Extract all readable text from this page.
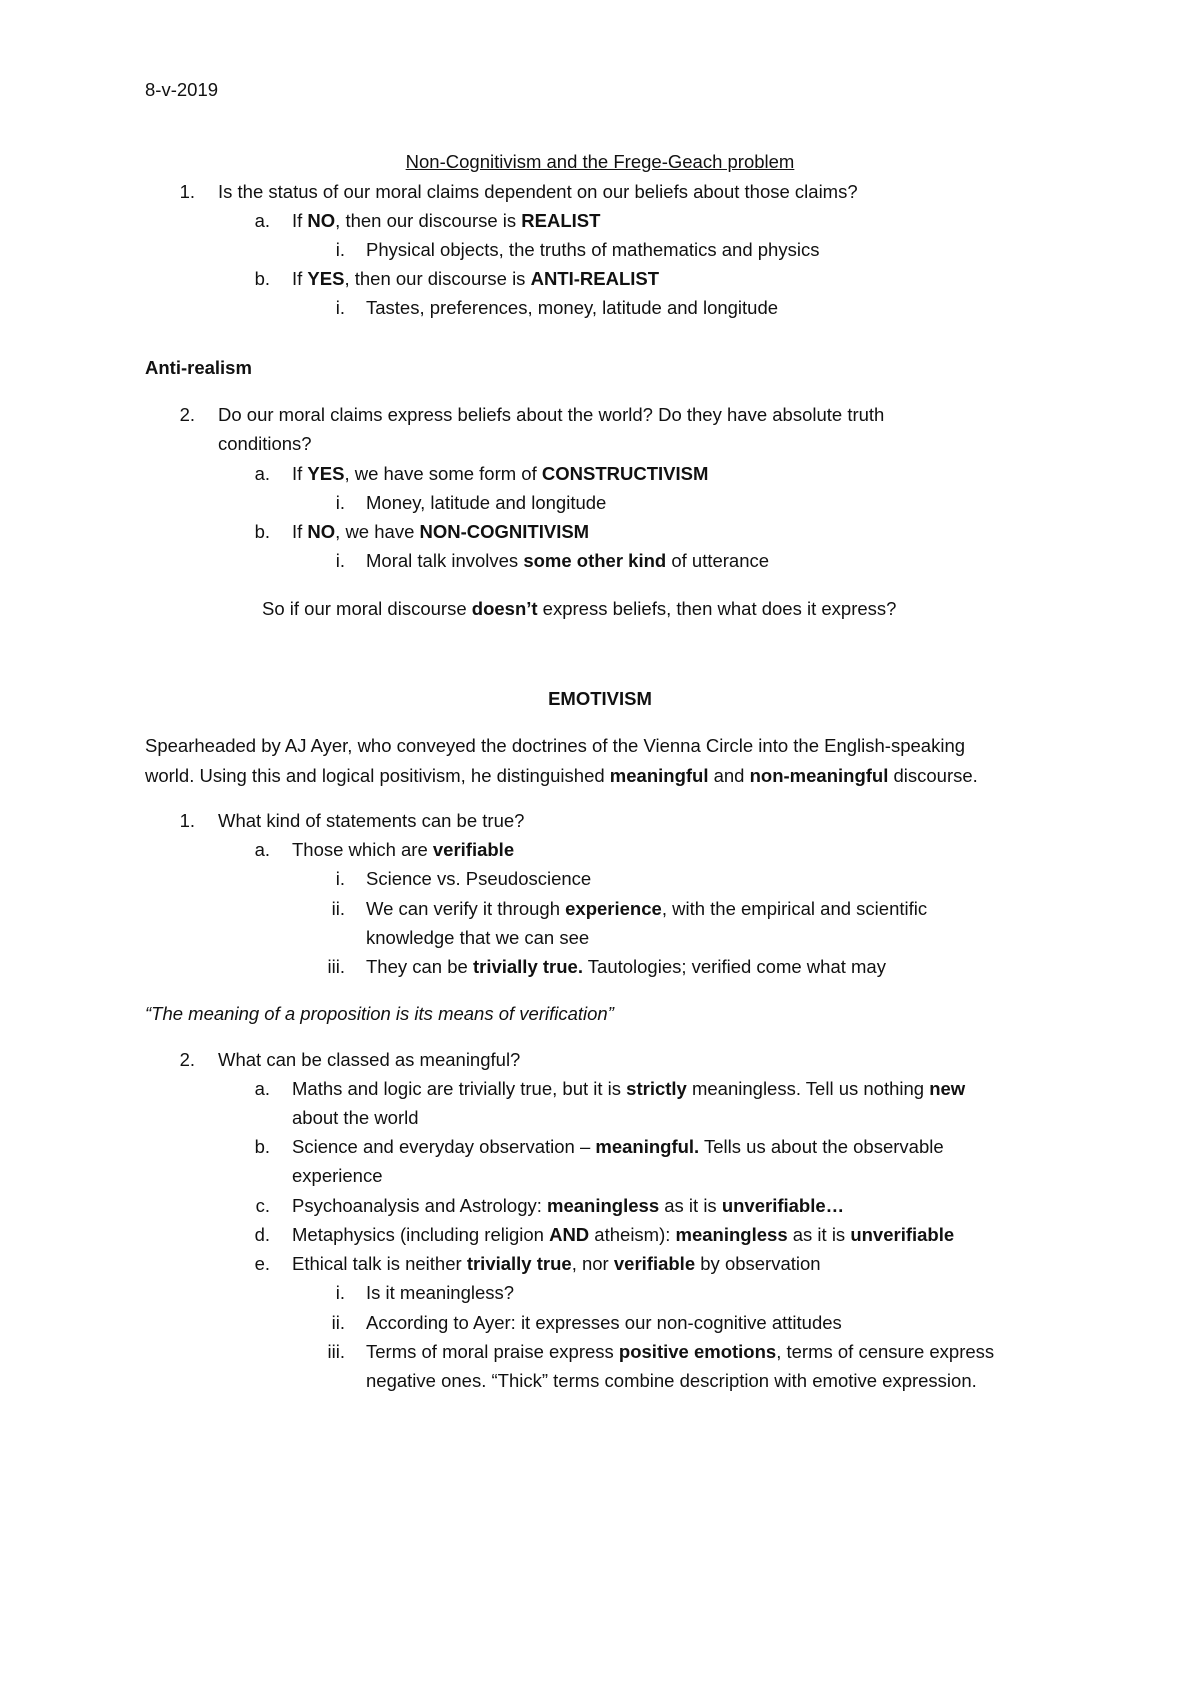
8-v-2019
Non-Cognitivism and the Frege-Geach problem
1. Is the status of our moral claims dependent on our beliefs about those claims?
a. If NO, then our discourse is REALIST
i. Physical objects, the truths of mathematics and physics
b. If YES, then our discourse is ANTI-REALIST
i. Tastes, preferences, money, latitude and longitude
Anti-realism
2. Do our moral claims express beliefs about the world? Do they have absolute truth
conditions?
a. If YES, we have some form of CONSTRUCTIVISM
i. Money, latitude and longitude
b. If NO, we have NON-COGNITIVISM
i. Moral talk involves some other kind of utterance
So if our moral discourse doesn’t express beliefs, then what does it express?
EMOTIVISM
Spearheaded by AJ Ayer, who conveyed the doctrines of the Vienna Circle into the English-speaking
world. Using this and logical positivism, he distinguished meaningful and non-meaningful discourse.
1. What kind of statements can be true?
a. Those which are verifiable
i. Science vs. Pseudoscience
ii. We can verify it through experience, with the empirical and scientific
knowledge that we can see
iii. They can be trivially true. Tautologies; verified come what may
“The meaning of a proposition is its means of verification”
2. What can be classed as meaningful?
a. Maths and logic are trivially true, but it is strictly meaningless. Tell us nothing new
about the world
b. Science and everyday observation – meaningful. Tells us about the observable
experience
c. Psychoanalysis and Astrology: meaningless as it is unverifiable…
d. Metaphysics (including religion AND atheism): meaningless as it is unverifiable
e. Ethical talk is neither trivially true, nor verifiable by observation
i. Is it meaningless?
ii. According to Ayer: it expresses our non-cognitive attitudes
iii. Terms of moral praise express positive emotions, terms of censure express
negative ones. “Thick” terms combine description with emotive expression.
